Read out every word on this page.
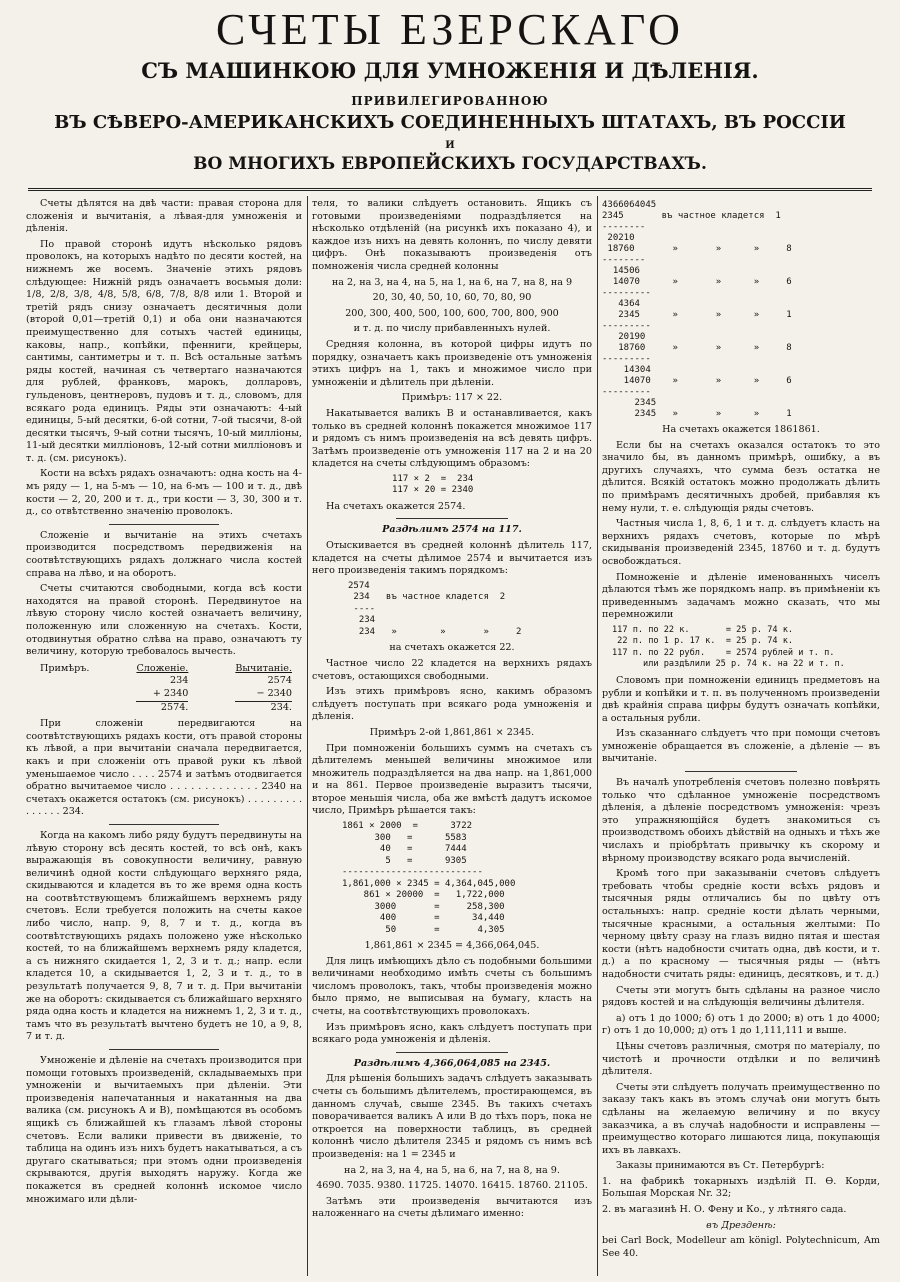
СЧЕТЫ ЕЗЕРСКАГО
СЪ МАШИНКОЮ ДЛЯ УМНОЖЕНІЯ И ДѢЛЕНІЯ.
ПРИВИЛЕГИРОВАННОЮ
ВЪ СѢВЕРО-АМЕРИКАНСКИХЪ СОЕДИНЕННЫХЪ ШТАТАХЪ, ВЪ РОССІИ
И
ВО МНОГИХЪ ЕВРОПЕЙСКИХЪ ГОСУДАРСТВАХЪ.

Счеты дѣлятся на двѣ части: правая сторона для сложенія и вычитанія, а лѣвая-для умноженія и дѣленія.

По правой сторонѣ идутъ нѣсколько рядовъ проволокъ, на которыхъ надѣто по десяти костей, на нижнемъ же восемъ. Значеніе этихъ рядовъ слѣдующее: Нижній рядъ означаетъ восьмыя доли: 1/8, 2/8, 3/8, 4/8, 5/8, 6/8, 7/8, 8/8 или 1. Второй и третій рядъ снизу означаетъ десятичныя доли (второй 0,01—третій 0,1) и оба они назначаются преимущественно для сотыхъ частей единицы, каковы, напр., копѣйки, пфенниги, крейцеры, сантимы, сантиметры и т. п. Всѣ остальные затѣмъ ряды костей, начиная съ четвертаго назначаются для рублей, франковъ, марокъ, долларовъ, гульденовъ, центнеровъ, пудовъ и т. д., словомъ, для всякаго рода единицъ. Ряды эти означаютъ: 4-ый единицы, 5-ый десятки, 6-ой сотни, 7-ой тысячи, 8-ой десятки тысячъ, 9-ый сотни тысячъ, 10-ый милліоны, 11-ый десятки милліоновъ, 12-ый сотни милліоновъ и т. д. (см. рисунокъ).

Кости на всѣхъ рядахъ означаютъ: одна кость на 4-мъ ряду — 1, на 5-мъ — 10, на 6-мъ — 100 и т. д., двѣ кости — 2, 20, 200 и т. д., три кости — 3, 30, 300 и т. д., со отвѣтственно значенію проволокъ.

Сложеніе и вычитаніе на этихъ счетахъ производится посредствомъ передвиженія на соотвѣтствующихъ рядахъ должнаго числа костей справа на лѣво, и на оборотъ.

Счеты считаются свободными, когда всѣ кости находятся на правой сторонѣ. Передвинутое на лѣвую сторону число костей означаетъ величину, положенную или сложенную на счетахъ. Кости, отодвинутыя обратно слѣва на право, означаютъ ту величину, которую требовалось вычесть.

Примѣръ.	Сложеніе.
234
+ 2340
2574.
Вычитаніе.
2574
− 2340
234.

При сложеніи передвигаются на соотвѣтствующихъ рядахъ кости, отъ правой стороны къ лѣвой, а при вычитаніи сначала передвигается, какъ и при сложеніи отъ правой руки къ лѣвой уменьшаемое число . . . . 2574 и затѣмъ отодвигается обратно вычитаемое число . . . . . . . . . . . . . 2340 на счетахъ окажется остатокъ (см. рисунокъ) . . . . . . . . . . . . . . . 234.

Когда на какомъ либо ряду будутъ передвинуты на лѣвую сторону всѣ десять костей, то всѣ онѣ, какъ выражающія въ совокупности величину, равную величинѣ одной кости слѣдующаго верхняго ряда, скидываются и кладется въ то же время одна кость на соотвѣтствующемъ ближайшемъ верхнемъ ряду счетовъ. Если требуется положить на счеты какое либо число, напр. 9, 8, 7 и т. д., когда въ соотвѣтствующихъ рядахъ положено уже нѣсколько костей, то на ближайшемъ верхнемъ ряду кладется, а съ нижняго скидается 1, 2, 3 и т. д.; напр. если кладется 10, а скидывается 1, 2, 3 и т. д., то в результатѣ получается 9, 8, 7 и т. д. При вычитаніи же на оборотъ: скидывается съ ближайшаго верхняго ряда одна кость и кладется на нижнемъ 1, 2, 3 и т. д., тамъ что въ результатѣ вычтено будетъ не 10, а 9, 8, 7 и т. д.

Умноженіе и дѣленіе на счетахъ производится при помощи готовыхъ произведеній, складываемыхъ при умноженіи и вычитаемыхъ при дѣленіи. Эти произведенія напечатанныя и накатанныя на два валика (см. рисунокъ А и В), помѣщаются въ особомъ ящикѣ съ ближайшей къ глазамъ лѣвой стороны счетовъ. Если валики привести въ движеніе, то таблица на одинъ изъ нихъ будетъ накатываться, а съ другаго скатываться; при этомъ одни произведенія скрываются, другія выходятъ наружу. Когда же покажется въ средней колоннѣ искомое число множимаго или дѣли-

теля, то валики слѣдуетъ остановить. Ящикъ съ готовыми произведеніями подраздѣляется на нѣсколько отдѣленій (на рисункѣ ихъ показано 4), и каждое изъ нихъ на девять колоннъ, по числу девяти цифръ. Онѣ показываютъ произведенія отъ помноженія числа средней колонны

на 2, на 3, на 4, на 5, на 1, на 6, на 7, на 8, на 9

20, 30, 40, 50, 10, 60, 70, 80, 90

200, 300, 400, 500, 100, 600, 700, 800, 900

и т. д. по числу прибавленныхъ нулей.

Средняя колонна, въ которой цифры идутъ по порядку, означаетъ какъ произведеніе отъ умноженія этихъ цифръ на 1, такъ и множимое число при умноженіи и дѣлитель при дѣленіи.

Примѣръ: 117 × 22.

Накатывается валикъ B и останавливается, какъ только въ средней колоннѣ покажется множимое 117 и рядомъ съ нимъ произведенія на всѣ девять цифръ. Затѣмъ произведеніе отъ умноженія 117 на 2 и на 20 кладется на счеты слѣдующимъ образомъ:

117 × 2  =  234
117 × 20 = 2340

На счетахъ окажется 2574.

Раздѣлимъ 2574 на 117.

Отыскивается въ средней колоннѣ дѣлитель 117, кладется на счеты дѣлимое 2574 и вычитается изъ него произведенія такимъ порядкомъ:

2574
234   въ частное кладется  2
----
234
234   »        »       »     2

на счетахъ окажется 22.

Частное число 22 кладется на верхнихъ рядахъ счетовъ, остающихся свободными.

Изъ этихъ примѣровъ ясно, какимъ образомъ слѣдуетъ поступать при всякаго рода умноженія и дѣленія.

Примѣръ 2-ой 1,861,861 × 2345.

При помноженіи большихъ суммъ на счетахъ съ дѣлителемъ меньшей величины множимое или множитель подраздѣляется на два напр. на 1,861,000 и на 861. Первое произведеніе выразитъ тысячи, второе меньшія числа, оба же вмѣстѣ дадутъ искомое число, Примѣръ рѣшается такъ:

1861 × 2000  =      3722
300   =      5583
40   =      7444
5   =      9305
--------------------------
1,861,000 × 2345 = 4,364,045,000
861 × 20000  =   1,722,000
3000       =     258,300
400       =      34,440
50       =       4,305

1,861,861 × 2345 = 4,366,064,045.

Для лицъ имѣющихъ дѣло съ подобными большими величинами необходимо имѣть счеты съ большимъ числомъ проволокъ, такъ, чтобы произведенія можно было прямо, не выписывая на бумагу, класть на счеты, на соотвѣтствующихъ проволокахъ.

Изъ примѣровъ ясно, какъ слѣдуетъ поступать при всякаго рода умноженія и дѣленія.

Раздѣлимъ 4,366,064,085 на 2345.

Для рѣшенія большихъ задачъ слѣдуетъ заказывать счеты съ большимъ дѣлителемъ, простирающемся, въ данномъ случаѣ, свыше 2345. Въ такихъ счетахъ поворачивается валикъ A или B до тѣхъ поръ, пока не откроется на поверхности таблицъ, въ средней колоннѣ число дѣлителя 2345 и рядомъ съ нимъ всѣ произведенія: на 1 = 2345 и

на 2, на 3, на 4, на 5, на 6, на 7, на 8, на 9.

4690. 7035. 9380. 11725. 14070. 16415. 18760. 21105.

Затѣмъ эти произведенія вычитаются изъ наложеннаго на счеты дѣлимаго именно:

4366064045
2345       въ частное кладется  1
--------
20210
18760       »       »      »     8
--------
14506
14070      »       »      »     6
---------
4364
2345      »       »      »     1
---------
20190
18760     »       »      »     8
---------
14304
14070    »       »      »     6
---------
2345
2345   »       »      »     1

На счетахъ окажется 1861861.

Если бы на счетахъ оказался остатокъ то это значило бы, въ данномъ примѣрѣ, ошибку, а въ другихъ случаяхъ, что сумма безъ остатка не дѣлится. Всякій остатокъ можно продолжать дѣлить по примѣрамъ десятичныхъ дробей, прибавляя къ нему нули, т. е. слѣдующія ряды счетовъ.

Частныя числа 1, 8, 6, 1 и т. д. слѣдуетъ класть на верхнихъ рядахъ счетовъ, которые по мѣрѣ скидыванія произведеній 2345, 18760 и т. д. будутъ освобождаться.

Помноженіе и дѣленіе именованныхъ чиселъ дѣлаются тѣмъ же порядкомъ напр. въ примѣненіи къ приведеннымъ задачамъ можно сказать, что мы перемножили

117 п. по 22 к.       = 25 р. 74 к.
22 п. по 1 р. 17 к.  = 25 р. 74 к.
117 п. по 22 рубл.    = 2574 рублей и т. п.
или раздѣлили 25 р. 74 к. на 22 и т. п.

Словомъ при помноженіи единицъ предметовъ на рубли и копѣйки и т. п. въ полученномъ произведеніи двѣ крайнія справа цифры будутъ означать копѣйки, а остальныя рубли.

Изъ сказаннаго слѣдуетъ что при помощи счетовъ умноженіе обращается въ сложеніе, а дѣленіе — въ вычитаніе.

Въ началѣ употребленія счетовъ полезно повѣрять только что сдѣланное умноженіе посредствомъ дѣленія, а дѣленіе посредствомъ умноженія: чрезъ это упражняющійся будетъ знакомиться съ производствомъ обоихъ дѣйствій на одныхъ и тѣхъ же числахъ и пріобрѣтать привычку къ скорому и вѣрному производству всякаго рода вычисленій.

Кромѣ того при заказываніи счетовъ слѣдуетъ требовать чтобы средніе кости всѣхъ рядовъ и тысячныя ряды отличались бы по цвѣту отъ остальныхъ: напр. средніе кости дѣлать черными, тысячные красными, а остальныя желтыми: По черному цвѣту сразу на глазъ видно пятая и шестая кости (нѣтъ надобности считать одна, двѣ кости, и т. д.) а по красному — тысячныя ряды — (нѣтъ надобности считать ряды: единицъ, десятковъ, и т. д.)

Счеты эти могутъ быть сдѣланы на разное число рядовъ костей и на слѣдующія величины дѣлителя.

а) отъ 1 до 1000; б) отъ 1 до 2000; в) отъ 1 до 4000; г) отъ 1 до 10,000; д) отъ 1 до 1,111,111 и выше.

Цѣны счетовъ различныя, смотря по матеріалу, по чистотѣ и прочности отдѣлки и по величинѣ дѣлителя.

Счеты эти слѣдуетъ получать преимущественно по заказу такъ какъ въ этомъ случаѣ они могутъ быть сдѣланы на желаемую величину и по вкусу заказчика, а въ случаѣ надобности и исправлены — преимущество котораго лишаются лица, покупающія ихъ въ лавкахъ.

Заказы принимаются въ Ст. Петербургѣ:

1. на фабрикѣ токарныхъ издѣлій П. Ѳ. Корди, Большая Морская Nr. 32;

2. въ магазинѣ Н. О. Фену и Ко., у лѣтняго сада.

въ Дрезденѣ:

bei Carl Bock, Modelleur am königl. Polytechnicum, Am See 40.
